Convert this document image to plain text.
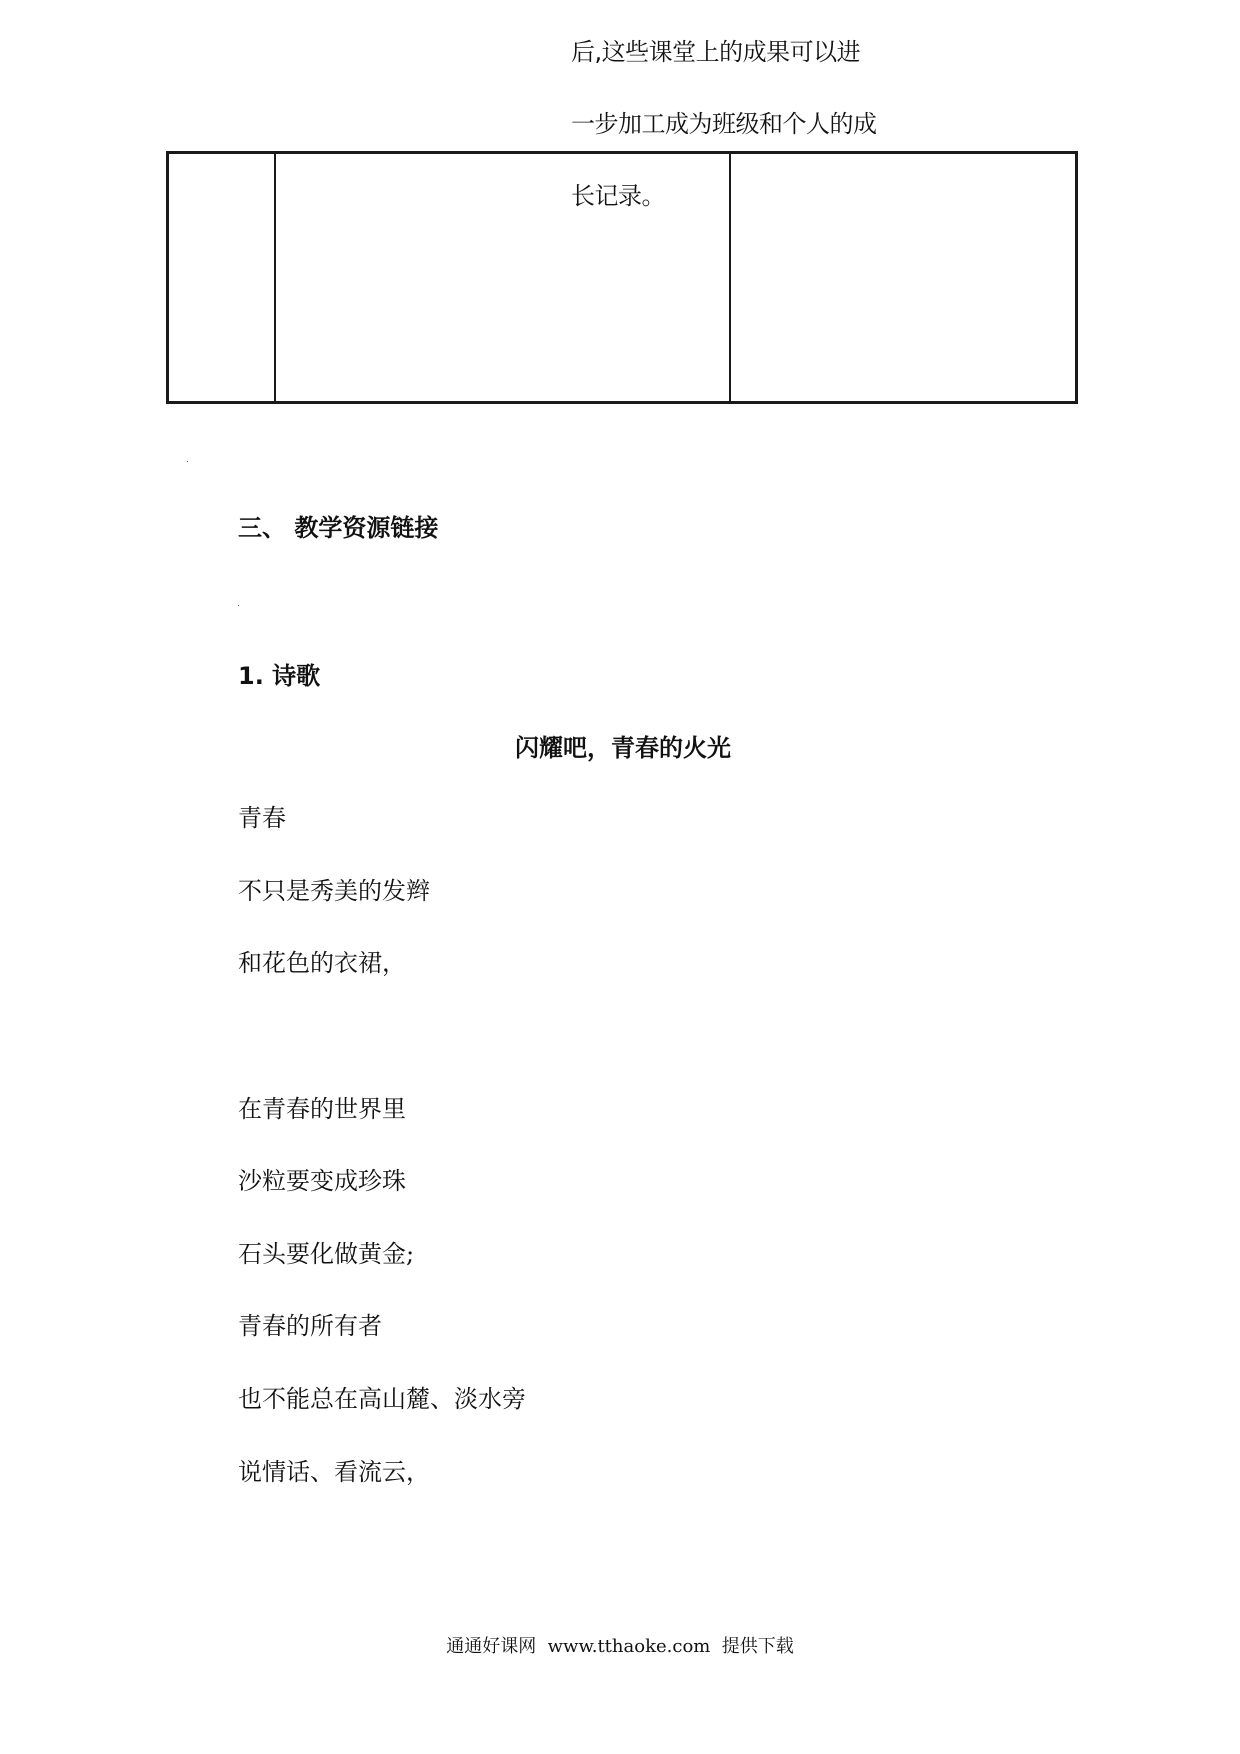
后,这些课堂上的成果可以进
一步加工成为班级和个人的成
长记录。
三、 教学资源链接
1. 诗歌
闪耀吧，青春的火光
青春
不只是秀美的发辫
和花色的衣裙，
在青春的世界里
沙粒要变成珍珠
石头要化做黄金;
青春的所有者
也不能总在高山麓、淡水旁
说情话、看流云，
通通好课网  www.tthaoke.com  提供下载
